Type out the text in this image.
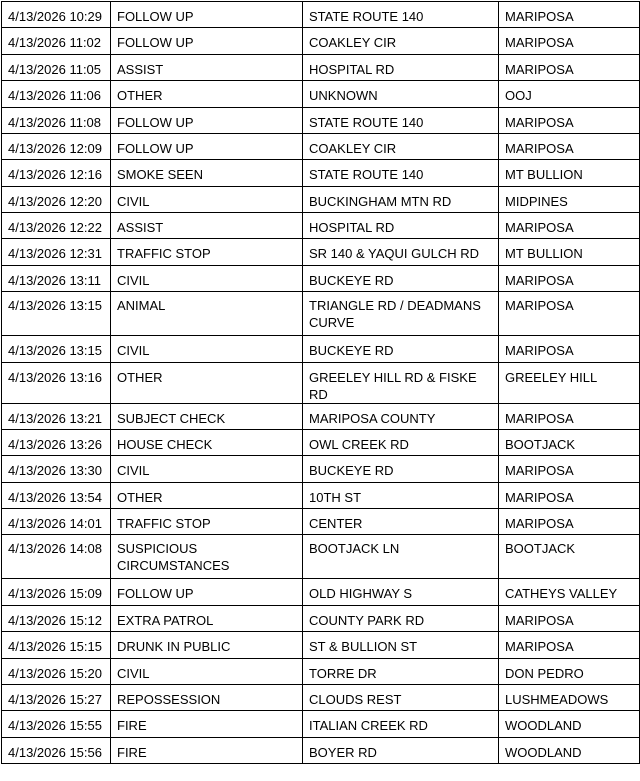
4/13/2026 10:29	FOLLOW UP	STATE ROUTE 140	MARIPOSA
4/13/2026 11:02	FOLLOW UP	COAKLEY CIR	MARIPOSA
4/13/2026 11:05	ASSIST	HOSPITAL RD	MARIPOSA
4/13/2026 11:06	OTHER	UNKNOWN	OOJ
4/13/2026 11:08	FOLLOW UP	STATE ROUTE 140	MARIPOSA
4/13/2026 12:09	FOLLOW UP	COAKLEY CIR	MARIPOSA
4/13/2026 12:16	SMOKE SEEN	STATE ROUTE 140	MT BULLION
4/13/2026 12:20	CIVIL	BUCKINGHAM MTN RD	MIDPINES
4/13/2026 12:22	ASSIST	HOSPITAL RD	MARIPOSA
4/13/2026 12:31	TRAFFIC STOP	SR 140 & YAQUI GULCH RD	MT BULLION
4/13/2026 13:11	CIVIL	BUCKEYE RD	MARIPOSA
4/13/2026 13:15	ANIMAL	TRIANGLE RD / DEADMANS CURVE	MARIPOSA
4/13/2026 13:15	CIVIL	BUCKEYE RD	MARIPOSA
4/13/2026 13:16	OTHER	GREELEY HILL RD & FISKE RD	GREELEY HILL
4/13/2026 13:21	SUBJECT CHECK	MARIPOSA COUNTY	MARIPOSA
4/13/2026 13:26	HOUSE CHECK	OWL CREEK RD	BOOTJACK
4/13/2026 13:30	CIVIL	BUCKEYE RD	MARIPOSA
4/13/2026 13:54	OTHER	10TH ST	MARIPOSA
4/13/2026 14:01	TRAFFIC STOP	CENTER	MARIPOSA
4/13/2026 14:08	SUSPICIOUS CIRCUMSTANCES	BOOTJACK LN	BOOTJACK
4/13/2026 15:09	FOLLOW UP	OLD HIGHWAY S	CATHEYS VALLEY
4/13/2026 15:12	EXTRA PATROL	COUNTY PARK RD	MARIPOSA
4/13/2026 15:15	DRUNK IN PUBLIC	ST & BULLION ST	MARIPOSA
4/13/2026 15:20	CIVIL	TORRE DR	DON PEDRO
4/13/2026 15:27	REPOSSESSION	CLOUDS REST	LUSHMEADOWS
4/13/2026 15:55	FIRE	ITALIAN CREEK RD	WOODLAND
4/13/2026 15:56	FIRE	BOYER RD	WOODLAND
